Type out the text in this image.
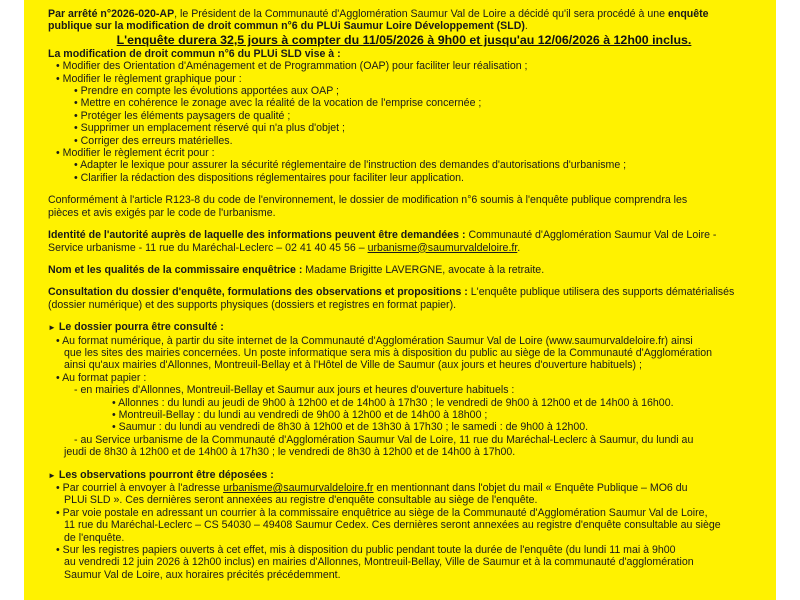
Par arrêté n°2026-020-AP, le Président de la Communauté d'Agglomération Saumur Val de Loire a décidé qu'il sera procédé à une enquête
publique sur la modification de droit commun n°6 du PLUi Saumur Loire Développement (SLD).

L'enquête durera 32,5 jours à compter du 11/05/2026 à 9h00 et jusqu'au 12/06/2026 à 12h00 inclus.

La modification de droit commun n°6 du PLUi SLD vise à :

• Modifier des Orientation d'Aménagement et de Programmation (OAP) pour faciliter leur réalisation ;

• Modifier le règlement graphique pour :

• Prendre en compte les évolutions apportées aux OAP ;

• Mettre en cohérence le zonage avec la réalité de la vocation de l'emprise concernée ;

• Protéger les éléments paysagers de qualité ;

• Supprimer un emplacement réservé qui n'a plus d'objet ;

• Corriger des erreurs matérielles.

• Modifier le règlement écrit pour :

• Adapter le lexique pour assurer la sécurité réglementaire de l'instruction des demandes d'autorisations d'urbanisme ;

• Clarifier la rédaction des dispositions réglementaires pour faciliter leur application.

Conformément à l'article R123-8 du code de l'environnement, le dossier de modification n°6 soumis à l'enquête publique comprendra les
pièces et avis exigés par le code de l'urbanisme.

Identité de l'autorité auprès de laquelle des informations peuvent être demandées : Communauté d'Agglomération Saumur Val de Loire -
Service urbanisme - 11 rue du Maréchal-Leclerc – 02 41 40 45 56 – urbanisme@saumurvaldeloire.fr.

Nom et les qualités de la commissaire enquêtrice : Madame Brigitte LAVERGNE, avocate à la retraite.

Consultation du dossier d'enquête, formulations des observations et propositions : L'enquête publique utilisera des supports dématérialisés
(dossier numérique) et des supports physiques (dossiers et registres en format papier).

► Le dossier pourra être consulté :

• Au format numérique, à partir du site internet de la Communauté d'Agglomération Saumur Val de Loire (www.saumurvaldeloire.fr) ainsi

que les sites des mairies concernées. Un poste informatique sera mis à disposition du public au siège de la Communauté d'Agglomération

ainsi qu'aux mairies d'Allonnes, Montreuil-Bellay et à l'Hôtel de Ville de Saumur (aux jours et heures d'ouverture habituels) ;

• Au format papier :

- en mairies d'Allonnes, Montreuil-Bellay et Saumur aux jours et heures d'ouverture habituels :

• Allonnes : du lundi au jeudi de 9h00 à 12h00 et de 14h00 à 17h30 ; le vendredi de 9h00 à 12h00 et de 14h00 à 16h00.

• Montreuil-Bellay : du lundi au vendredi de 9h00 à 12h00 et de 14h00 à 18h00 ;

• Saumur : du lundi au vendredi de 8h30 à 12h00 et de 13h30 à 17h30 ; le samedi : de 9h00 à 12h00.

- au Service urbanisme de la Communauté d'Agglomération Saumur Val de Loire, 11 rue du Maréchal-Leclerc à Saumur, du lundi au

jeudi de 8h30 à 12h00 et de 14h00 à 17h30 ; le vendredi de 8h30 à 12h00 et de 14h00 à 17h00.

► Les observations pourront être déposées :

• Par courriel à envoyer à l'adresse urbanisme@saumurvaldeloire.fr en mentionnant dans l'objet du mail « Enquête Publique – MO6 du

PLUi SLD ». Ces dernières seront annexées au registre d'enquête consultable au siège de l'enquête.

• Par voie postale en adressant un courrier à la commissaire enquêtrice au siège de la Communauté d'Agglomération Saumur Val de Loire,

11 rue du Maréchal-Leclerc – CS 54030 – 49408 Saumur Cedex. Ces dernières seront annexées au registre d'enquête consultable au siège

de l'enquête.

• Sur les registres papiers ouverts à cet effet, mis à disposition du public pendant toute la durée de l'enquête (du lundi 11 mai à 9h00

au vendredi 12 juin 2026 à 12h00 inclus) en mairies d'Allonnes, Montreuil-Bellay, Ville de Saumur et à la communauté d'agglomération

Saumur Val de Loire, aux horaires précités précédemment.
